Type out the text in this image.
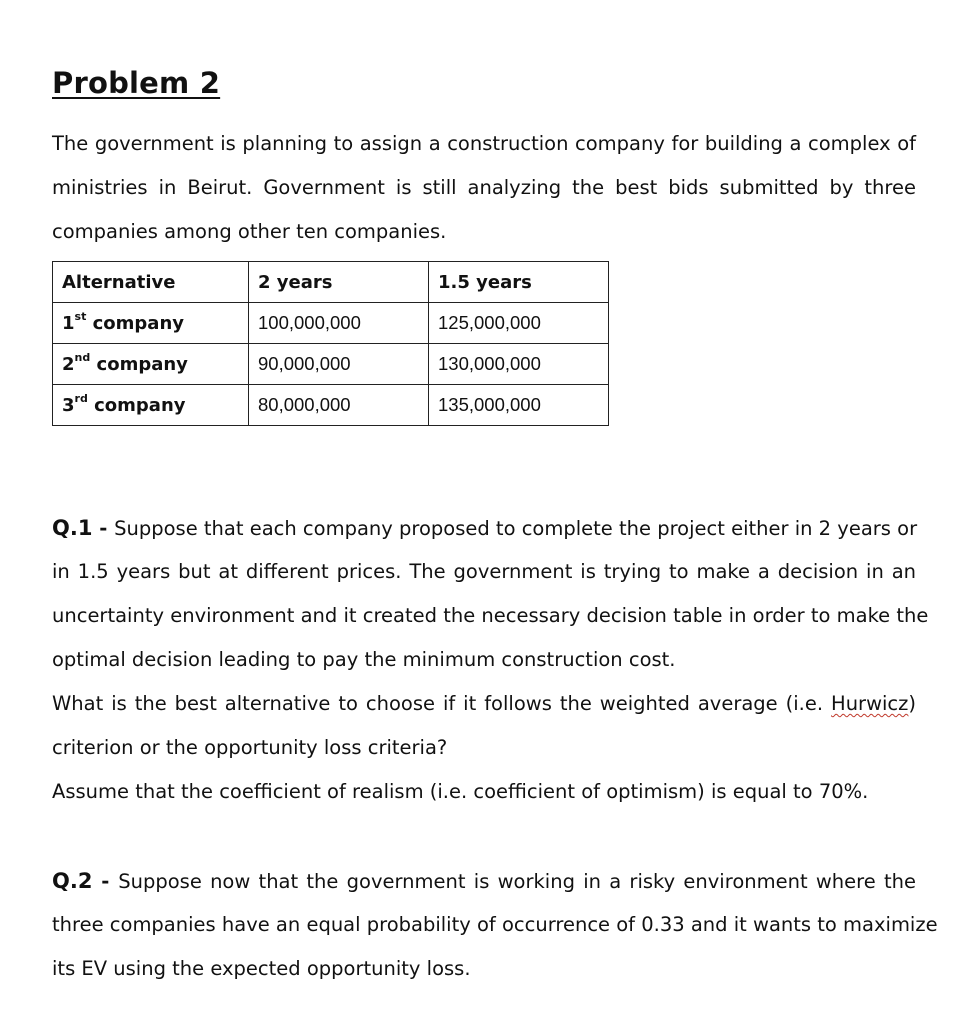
Problem 2
The government is planning to assign a construction company for building a complex of
ministries in Beirut. Government is still analyzing the best bids submitted by three
companies among other ten companies.
Alternative	2 years	1.5 years
1st company	100,000,000	125,000,000
2nd company	90,000,000	130,000,000
3rd company	80,000,000	135,000,000
Q.1 - Suppose that each company proposed to complete the project either in 2 years or
in 1.5 years but at different prices. The government is trying to make a decision in an
uncertainty environment and it created the necessary decision table in order to make the
optimal decision leading to pay the minimum construction cost.
What is the best alternative to choose if it follows the weighted average (i.e. Hurwicz)
criterion or the opportunity loss criteria?
Assume that the coefficient of realism (i.e. coefficient of optimism) is equal to 70%.
Q.2 - Suppose now that the government is working in a risky environment where the
three companies have an equal probability of occurrence of 0.33 and it wants to maximize
its EV using the expected opportunity loss.
